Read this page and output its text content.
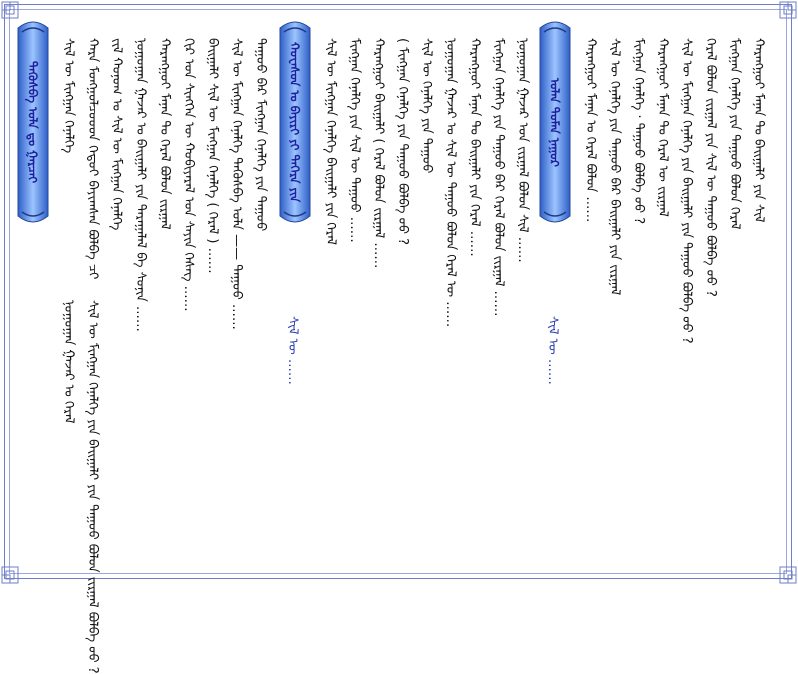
ᠲᠡᠭᠦᠰᠪᠡ ᠤᠯᠠ ᠳᠤ ᠭᠠᠷᠴᠠᠢ	ᠬᠤᠸᠠᠰᠤᠨ ᠤ ᠪᠠᠶᠢᠷᠢ ᠶᠢ ᠳᠡᠭᠡᠷᠡ ᠶᠢᠨ	ᠣᠯᠠᠨ ᠲᠤᠮᠡᠨ ᠨᠠᠭᠤᠷ
ᠰᠢᠯ ᠦ ᠮᠢᠩᠭᠠᠨ ᠭᠡᠨᠡᠯᠭᠡ ᠬᠠᠷᠠ ᠮᠣᠩᠭᠣᠯᠴᠤᠤᠳ ᠬᠡᠳᠦᠢ ᠪᠠᠶᠢᠭᠰᠠᠨ ᠪᠣᠯᠪᠠ ᠴᠢ ᠵᠢᠯ ᠬᠣᠨᠤᠭ ᠤ ᠰᠢᠯ ᠦ ᠮᠢᠩᠭᠠᠨ ᠭᠡᠨᠡᠯᠭᠡ ᠨᠣᠭᠤᠭᠠᠨ ᠭᠠᠵᠠᠷ ᠤ ᠪᠠᠢᠭᠠᠯᠢ ᠶᠢᠨ ᠳᠠᠷᠠᠭᠠᠯᠠᠯ ᠪᠠ ᠰᠣᠨᠢᠨ …… ᠬᠠᠷᠠᠩᠭᠤᠢ ᠮᠠᠨᠠᠨ ᠲᠤ ᠭᠡᠷᠡᠯ ᠪᠣᠯᠤᠨ ᠵᠢᠷᠭᠠᠯ ᠬᠢᠷ ᠤᠨ ᠰᠢᠩᠬᠡᠨ ᠦ ᠬᠤᠪᠢᠶᠠᠷᠠᠯ ᠤᠨ ᠰᠠᠶᠢᠨ ᠬᠡᠰᠡᠭ …… ᠪᠠᠢᠭᠠᠯᠢ ᠰᠢᠯ ᠦ ᠮᠢᠩᠭᠠᠨ ᠭᠡᠨᠡᠯᠭᠡ ( ᠭᠡᠷᠡᠯ ) …… ᠰᠢᠯ ᠦ ᠮᠢᠩᠭᠠᠨ ᠭᠡᠨᠡᠯᠭᠡ ᠲᠡᠭᠦᠰᠪᠡ ᠤᠯᠠ —— ᠳᠠᠭᠤᠤ …… ᠳᠠᠭᠤᠤ ᠪᠠᠷ ᠮᠢᠩᠭᠠᠨ ᠭᠡᠨᠡᠯᠭᠡ ᠶᠢᠨ ᠳᠠᠭᠤᠤ	ᠰᠢᠯ ᠦ ᠮᠢᠩᠭᠠᠨ ᠭᠡᠨᠡᠯᠭᠡ ᠪᠠᠢᠭᠠᠯᠢ ᠶᠢᠨ ᠭᠡᠷᠡᠯ ᠮᠢᠩᠭᠠᠨ ᠭᠡᠨᠡᠯᠭᠡ ᠶᠢᠨ ᠰᠢᠯ ᠦ ᠳᠠᠭᠤᠤ …… ᠬᠠᠷᠠᠩᠭᠤᠢ ᠪᠠᠢᠭᠠᠯᠢ ( ᠭᠡᠷᠡᠯ ᠪᠣᠯᠤᠨ ᠵᠢᠷᠭᠠᠯ …… ( ᠮᠢᠩᠭᠠᠨ ᠭᠡᠨᠡᠯᠭᠡ ᠶᠢᠨ ᠳᠠᠭᠤᠤ ᠪᠣᠯᠪᠠ ᠤᠤ ? ᠰᠢᠯ ᠦ ᠭᠡᠨᠡᠯᠭᠡ ᠶᠢᠨ ᠳᠠᠭᠤᠤ ᠨᠣᠭᠤᠭᠠᠨ ᠭᠠᠵᠠᠷ ᠤ ᠰᠢᠯ ᠦ ᠳᠠᠭᠤᠤ ᠪᠣᠯᠤᠨ ᠭᠡᠷᠡᠯ ᠦ …… ᠬᠠᠷᠠᠩᠭᠤᠢ ᠮᠠᠨᠠᠨ ᠲᠤ ᠪᠠᠢᠭᠠᠯᠢ ᠶᠢᠨ ᠭᠡᠷᠡᠯ …… ᠮᠢᠩᠭᠠᠨ ᠭᠡᠨᠡᠯᠭᠡ ᠶᠢᠨ ᠳᠠᠭᠤᠤ ᠪᠠᠷ ᠭᠡᠷᠡᠯ ᠪᠣᠯᠤᠨ ᠵᠢᠷᠭᠠᠯ …… ᠨᠣᠭᠤᠭᠠᠨ ᠭᠠᠵᠠᠷ ᠤᠨ ᠵᠢᠷᠭᠠᠯ ᠪᠣᠯᠤᠨ ᠰᠢᠯ ……	ᠬᠠᠷᠠᠩᠭᠤᠢ ᠮᠠᠨᠠᠨ ᠤ ᠭᠡᠷᠡᠯ ᠪᠣᠯᠤᠨ …… ᠰᠢᠯ ᠦ ᠭᠡᠨᠡᠯᠭᠡ ᠶᠢᠨ ᠳᠠᠭᠤᠤ ᠪᠠᠷ ᠪᠠᠢᠭᠠᠯᠢ ᠶᠢᠨ ᠵᠢᠷᠭᠠᠯ ᠮᠢᠩᠭᠠᠨ ᠭᠡᠨᠡᠯᠭᠡ · ᠳᠠᠭᠤᠤ ᠪᠣᠯᠪᠠ ᠤᠤ ? ᠬᠠᠷᠠᠩᠭᠤᠢ ᠮᠠᠨᠠᠨ ᠲᠤ ᠭᠡᠷᠡᠯ ᠦ ᠵᠢᠷᠭᠠᠯ ᠰᠢᠯ ᠦ ᠮᠢᠩᠭᠠᠨ ᠭᠡᠨᠡᠯᠭᠡ ᠶᠢᠨ ᠪᠠᠢᠭᠠᠯᠢ ᠶᠢᠨ ᠳᠠᠭᠤᠤ ᠪᠣᠯᠪᠠ ᠤᠤ ? ᠭᠡᠷᠡᠯ ᠪᠣᠯᠤᠨ ᠵᠢᠷᠭᠠᠯ ᠶᠢᠨ ᠰᠢᠯ ᠦ ᠳᠠᠭᠤᠤ ᠪᠣᠯᠪᠠ ᠤᠤ ? ᠮᠢᠩᠭᠠᠨ ᠭᠡᠨᠡᠯᠭᠡ ᠶᠢᠨ ᠳᠠᠭᠤᠤ ᠪᠣᠯᠤᠨ ᠭᠡᠷᠡᠯ ᠬᠠᠷᠠᠩᠭᠤᠢ ᠮᠠᠨᠠᠨ ᠲᠤ ᠪᠠᠢᠭᠠᠯᠢ ᠶᠢᠨ ᠰᠢᠯ
ᠨᠣᠭᠤᠭᠠᠨ ᠭᠠᠵᠠᠷ ᠤ ᠭᠡᠷᠡᠯ ᠰᠢᠯ ᠦ ᠮᠢᠩᠭᠠᠨ ᠭᠡᠨᠡᠯᠭᠡ ᠶᠢᠨ ᠪᠠᠢᠭᠠᠯᠢ ᠶᠢᠨ ᠳᠠᠭᠤᠤ ᠪᠣᠯᠤᠨ ᠵᠢᠷᠭᠠᠯ ᠪᠣᠯᠪᠠ ᠤᠤ ?	ᠰᠢᠯ ᠦ ……	ᠰᠢᠯ ᠦ ……
